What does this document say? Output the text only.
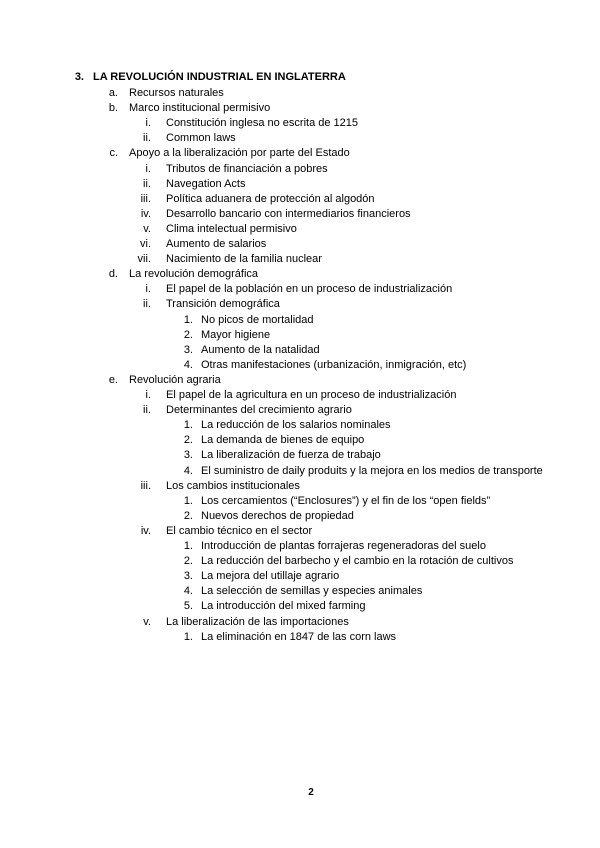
3. LA REVOLUCIÓN INDUSTRIAL EN INGLATERRA
a. Recursos naturales
b. Marco institucional permisivo
i. Constitución inglesa no escrita de 1215
ii. Common laws
c. Apoyo a la liberalización por parte del Estado
i. Tributos de financiación a pobres
ii. Navegation Acts
iii. Política aduanera de protección al algodón
iv. Desarrollo bancario con intermediarios financieros
v. Clima intelectual permisivo
vi. Aumento de salarios
vii. Nacimiento de la familia nuclear
d. La revolución demográfica
i. El papel de la población en un proceso de industrialización
ii. Transición demográfica
1. No picos de mortalidad
2. Mayor higiene
3. Aumento de la natalidad
4. Otras manifestaciones (urbanización, inmigración, etc)
e. Revolución agraria
i. El papel de la agricultura en un proceso de industrialización
ii. Determinantes del crecimiento agrario
1. La reducción de los salarios nominales
2. La demanda de bienes de equipo
3. La liberalización de fuerza de trabajo
4. El suministro de daily produits y la mejora en los medios de transporte
iii. Los cambios institucionales
1. Los cercamientos (“Enclosures”) y el fin de los “open fields”
2. Nuevos derechos de propiedad
iv. El cambio técnico en el sector
1. Introducción de plantas forrajeras regeneradoras del suelo
2. La reducción del barbecho y el cambio en la rotación de cultivos
3. La mejora del utillaje agrario
4. La selección de semillas y especies animales
5. La introducción del mixed farming
v. La liberalización de las importaciones
1. La eliminación en 1847 de las corn laws
2
